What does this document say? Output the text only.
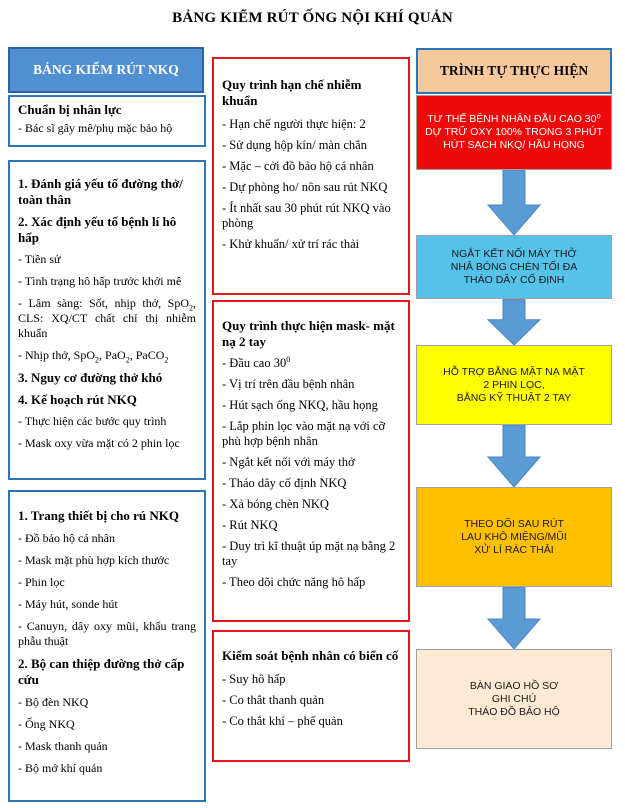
BẢNG KIỂM RÚT ỐNG NỘI KHÍ QUẢN
BẢNG KIỂM RÚT NKQ
Chuẩn bị nhân lực
- Bác sĩ gây mê/phụ mặc bảo hộ
1. Đánh giá yếu tố đường thở/ toàn thân
2. Xác định yếu tố bệnh lí hô hấp
- Tiền sử
- Tình trạng hô hấp trước khởi mê
- Lâm sàng: Sốt, nhịp thở, SpO$_2$, CLS: XQ/CT chất chỉ thị nhiễm khuẩn
- Nhịp thở, SpO$_2$, PaO$_2$, PaCO$_2$
3. Nguy cơ đường thở khó
4. Kế hoạch rút NKQ
- Thực hiện các bước quy trình
- Mask oxy vừa mặt có 2 phin lọc
1. Trang thiết bị cho rú NKQ
- Đồ bảo hộ cá nhân
- Mask mặt phù hợp kích thước
- Phin lọc
- Máy hút, sonde hút
- Canuyn, dây oxy mũi, khẩu trang phẫu thuật
2. Bộ can thiệp đường thở cấp cứu
- Bộ đèn NKQ
- Ống NKQ
- Mask thanh quản
- Bộ mở khí quản
Quy trình hạn chế nhiễm khuẩn
- Hạn chế người thực hiện: 2
- Sử dụng hộp kín/ màn chắn
- Mặc – cởi đồ bảo hộ cá nhân
- Dự phòng ho/ nôn sau rút NKQ
- Ít nhất sau 30 phút rút NKQ vào phòng
- Khử khuẩn/ xử trí rác thải
Quy trình thực hiện mask- mặt nạ 2 tay
- Đầu cao $30^0$
- Vị trí trên đầu bệnh nhân
- Hút sạch ống NKQ, hầu họng
- Lắp phin lọc vào mặt nạ với cỡ phù hợp bệnh nhân
- Ngắt kết nối với máy thở
- Tháo dây cố định NKQ
- Xả bóng chèn NKQ
- Rút NKQ
- Duy trì kĩ thuật úp mặt nạ bằng 2 tay
- Theo dõi chức năng hô hấp
Kiểm soát bệnh nhân có biến cố
- Suy hô hấp
- Co thắt thanh quản
- Co thắt khí – phế quản
TRÌNH TỰ THỰC HIỆN
TƯ THẾ BỆNH NHÂN ĐẦU CAO 30⁰
DỰ TRỮ OXY 100% TRONG 3 PHÚT
HÚT SẠCH NKQ/ HẦU HỌNG
NGẮT KẾT NỐI MÁY THỞ
NHẢ BÓNG CHÈN TỐI ĐA
THÁO DÂY CỐ ĐỊNH
HỖ TRỢ BẰNG MẶT NẠ MẶT
2 PHIN LỌC,
BẰNG KỸ THUẬT 2 TAY
THEO DÕI SAU RÚT
LAU KHÔ MIỆNG/MŨI
XỬ LÍ RÁC THẢI
BÀN GIAO HỒ SƠ
GHI CHÚ
THÁO ĐỒ BẢO HỘ
